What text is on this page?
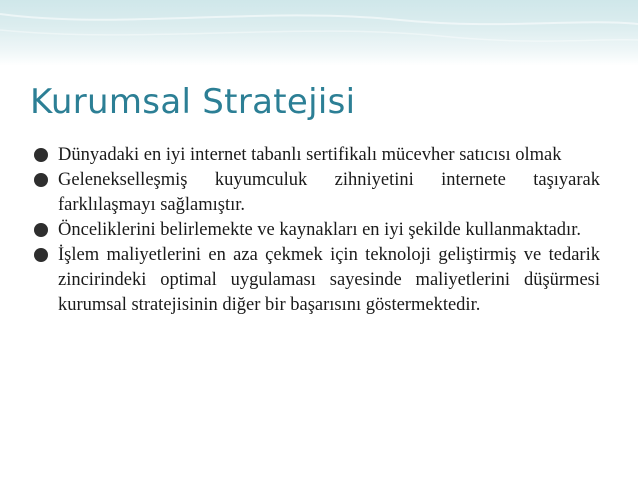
Kurumsal Stratejisi
Dünyadaki en iyi internet tabanlı sertifikalı mücevher satıcısı olmak
Gelenekselleşmiş kuyumculuk zihniyetini internete taşıyarak farklılaşmayı sağlamıştır.
Önceliklerini belirlemekte ve kaynakları en iyi şekilde kullanmaktadır.
İşlem maliyetlerini en aza çekmek için teknoloji geliştirmiş ve tedarik zincirindeki optimal uygulaması sayesinde maliyetlerini düşürmesi kurumsal stratejisinin diğer bir başarısını göstermektedir.
